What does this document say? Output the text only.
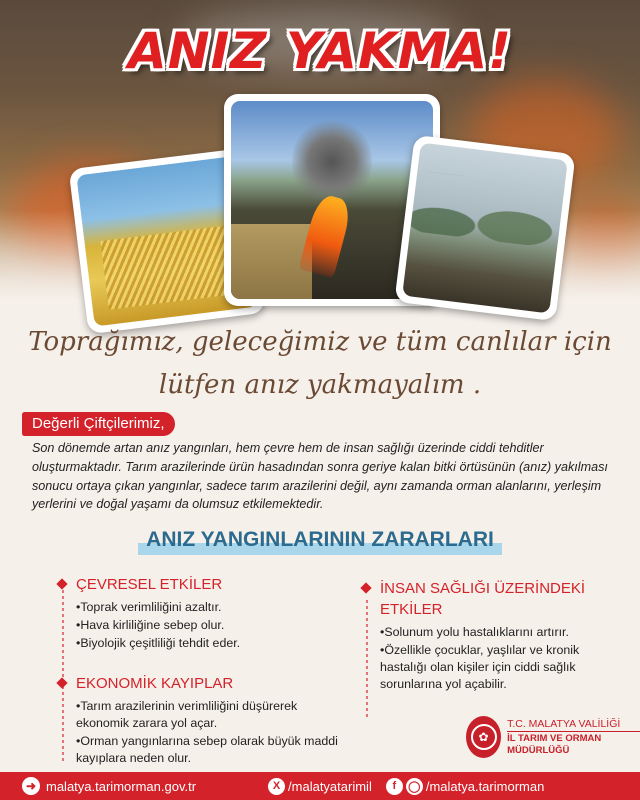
ANIZ YAKMA!
Toprağımız, geleceğimiz ve tüm canlılar için
lütfen anız yakmayalım .
Değerli Çiftçilerimiz,
Son dönemde artan anız yangınları, hem çevre hem de insan sağlığı üzerinde ciddi tehditler oluşturmaktadır. Tarım arazilerinde ürün hasadından sonra geriye kalan bitki örtüsünün (anız) yakılması sonucu ortaya çıkan yangınlar, sadece tarım arazilerini değil, aynı zamanda orman alanlarını, yerleşim yerlerini ve doğal yaşamı da olumsuz etkilemektedir.
ANIZ YANGINLARININ ZARARLARI
ÇEVRESEL ETKİLER
•Toprak verimliliğini azaltır.
•Hava kirliliğine sebep olur.
•Biyolojik çeşitliliği tehdit eder.
EKONOMİK KAYIPLAR
•Tarım arazilerinin verimliliğini düşürerek ekonomik zarara yol açar.
•Orman yangınlarına sebep olarak büyük maddi kayıplara neden olur.
İNSAN SAĞLIĞI ÜZERİNDEKİ ETKİLER
•Solunum yolu hastalıklarını artırır.
•Özellikle çocuklar, yaşlılar ve kronik hastalığı olan kişiler için ciddi sağlık sorunlarına yol açabilir.
✿
T.C. MALATYA VALİLİĞİ
İL TARIM VE ORMAN MÜDÜRLÜĞÜ
➜ malatya.tarimorman.gov.tr	X /malatyatarimil	f	◯ /malatya.tarimorman
